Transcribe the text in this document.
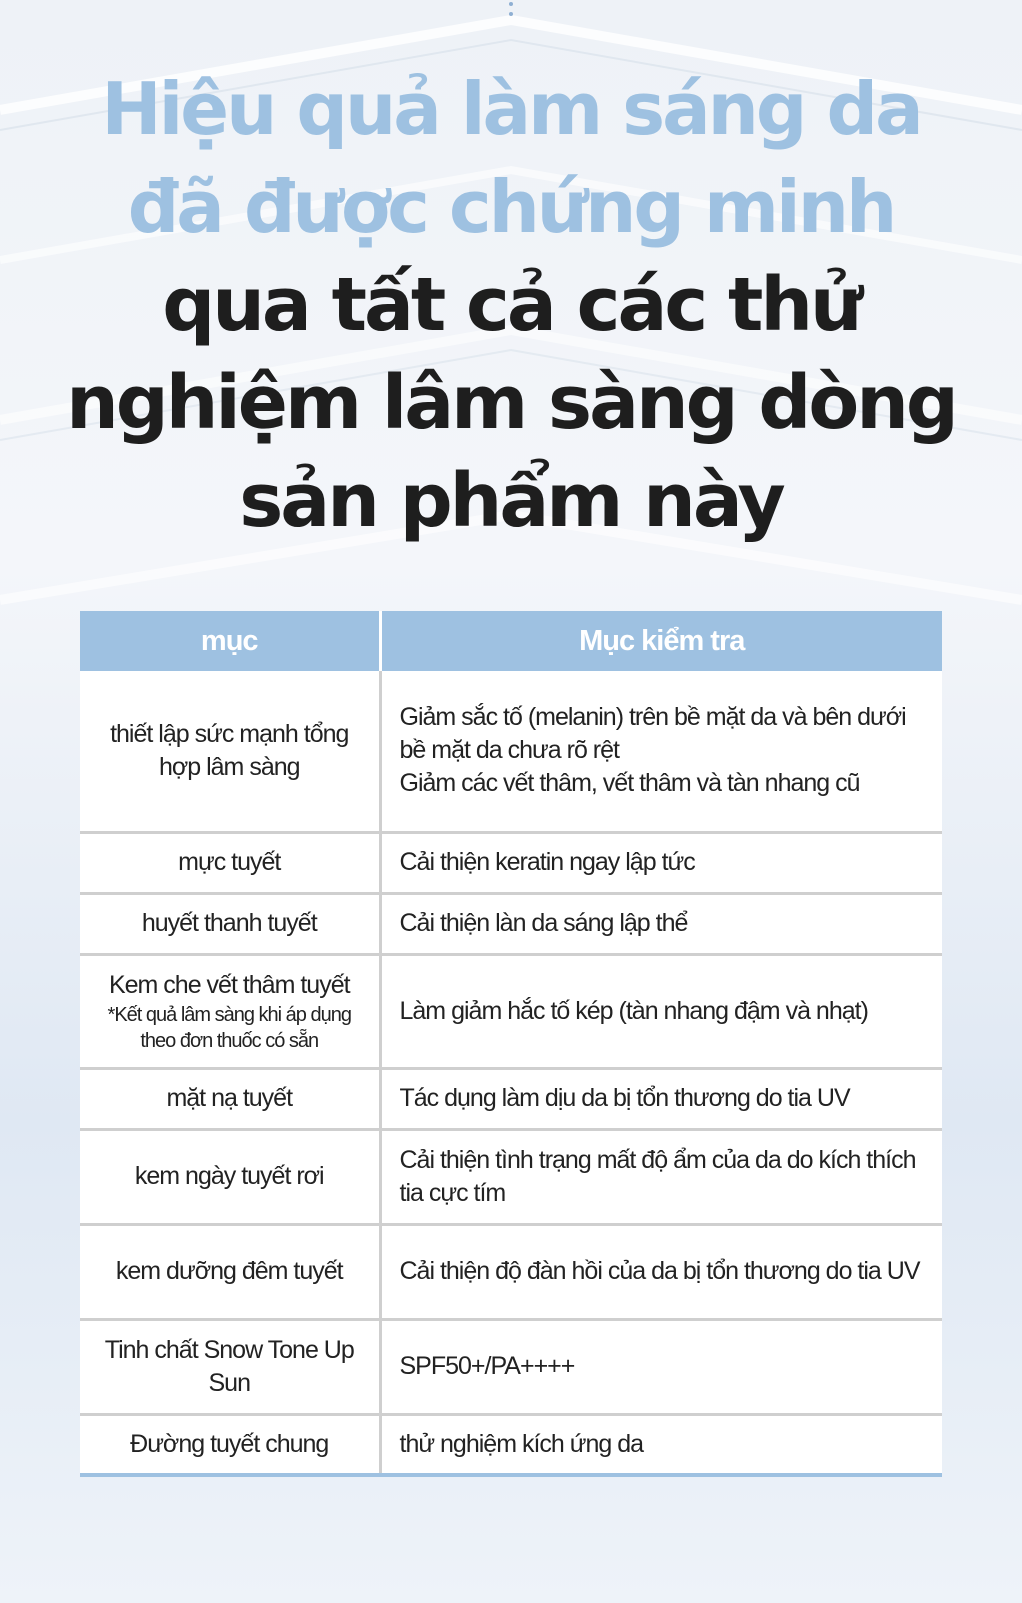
Hiệu quả làm sáng da
đã được chứng minh
qua tất cả các thử
nghiệm lâm sàng dòng
sản phẩm này
mục	Mục kiểm tra
thiết lập sức mạnh tổng hợp lâm sàng	Giảm sắc tố (melanin) trên bề mặt da và bên dưới bề mặt da chưa rõ rệt
Giảm các vết thâm, vết thâm và tàn nhang cũ

mực tuyết	Cải thiện keratin ngay lập tức

huyết thanh tuyết	Cải thiện làn da sáng lập thể

Kem che vết thâm tuyết
*Kết quả lâm sàng khi áp dụng theo đơn thuốc có sẵn	Làm giảm hắc tố kép (tàn nhang đậm và nhạt)

mặt nạ tuyết	Tác dụng làm dịu da bị tổn thương do tia UV

kem ngày tuyết rơi	Cải thiện tình trạng mất độ ẩm của da do kích thích tia cực tím

kem dưỡng đêm tuyết	Cải thiện độ đàn hồi của da bị tổn thương do tia UV

Tinh chất Snow Tone Up Sun	SPF50+/PA++++

Đường tuyết chung	thử nghiệm kích ứng da
